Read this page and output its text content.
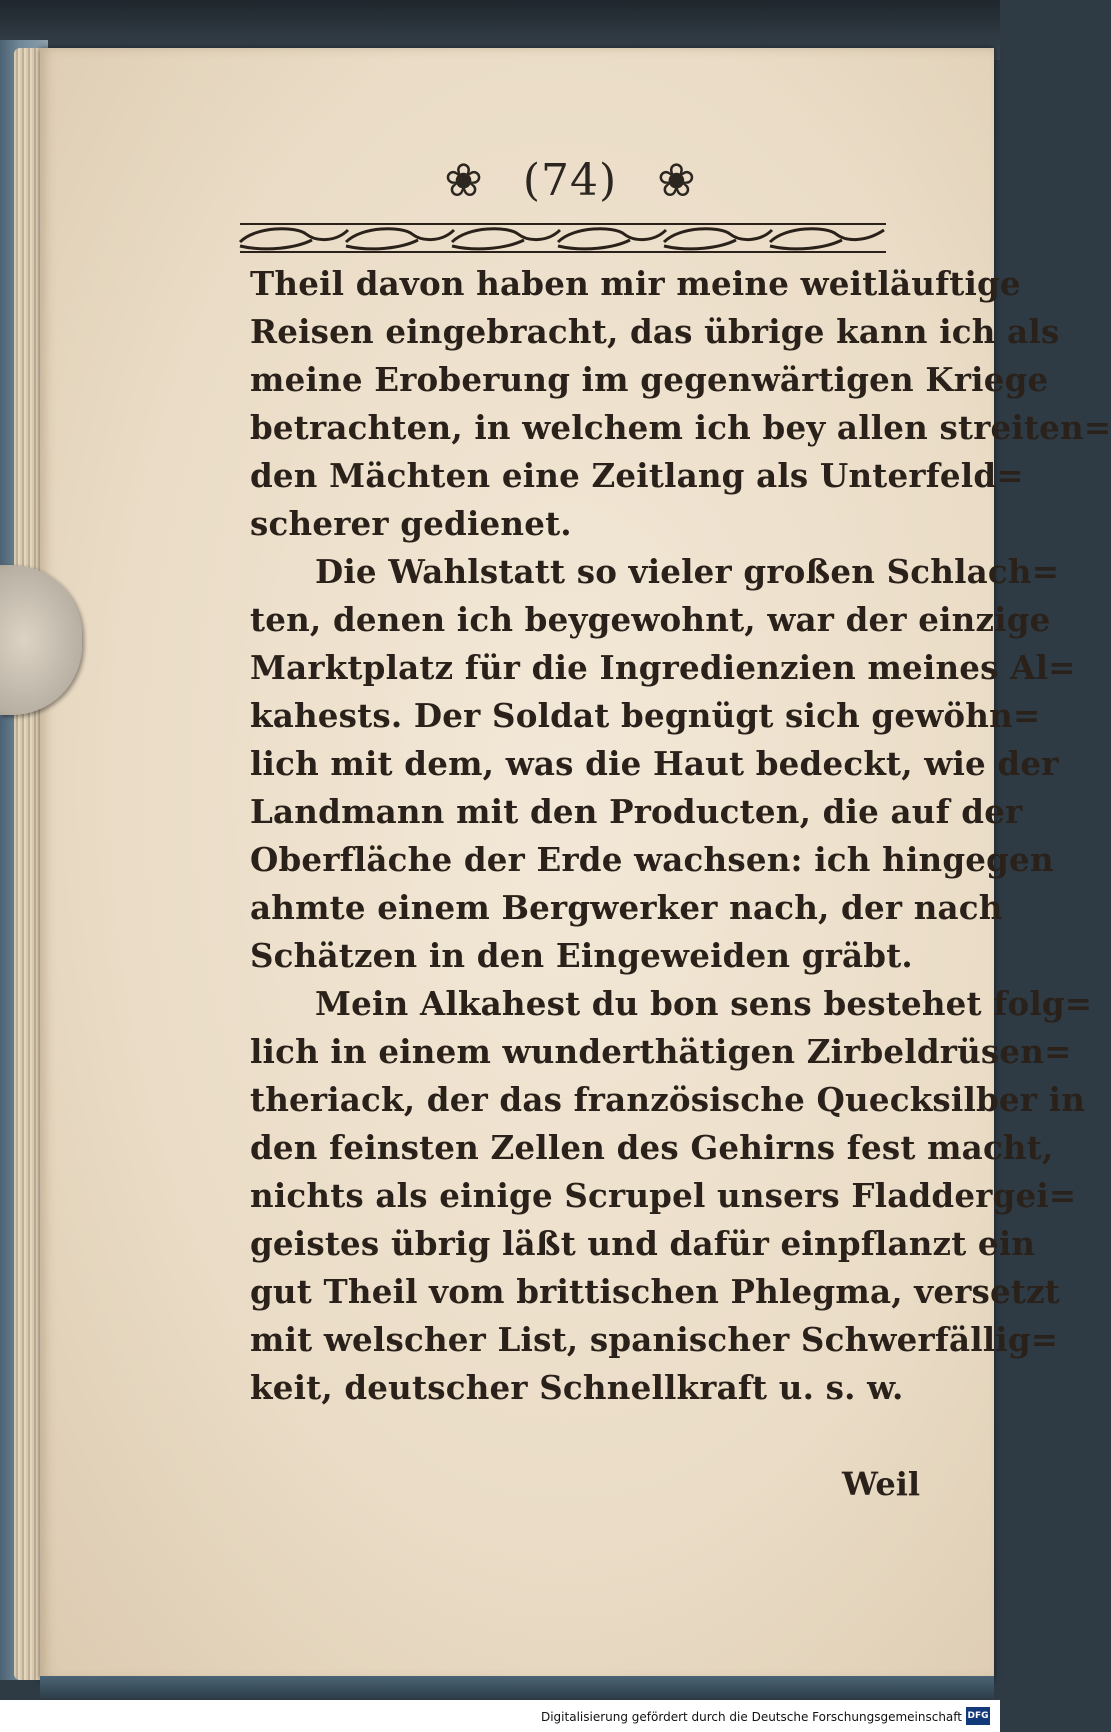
❀ (74) ❀
Theil davon haben mir meine weitläuftige
Reisen eingebracht, das übrige kann ich als
meine Eroberung im gegenwärtigen Kriege
betrachten, in welchem ich bey allen streiten=
den Mächten eine Zeitlang als Unterfeld=
scherer gedienet.
Die Wahlstatt so vieler großen Schlach=
ten, denen ich beygewohnt, war der einzige
Marktplatz für die Ingredienzien meines Al=
kahests. Der Soldat begnügt sich gewöhn=
lich mit dem, was die Haut bedeckt, wie der
Landmann mit den Producten, die auf der
Oberfläche der Erde wachsen: ich hingegen
ahmte einem Bergwerker nach, der nach
Schätzen in den Eingeweiden gräbt.
Mein Alkahest du bon sens bestehet folg=
lich in einem wunderthätigen Zirbeldrüsen=
theriack, der das französische Quecksilber in
den feinsten Zellen des Gehirns fest macht,
nichts als einige Scrupel unsers Fladdergei=
geistes übrig läßt und dafür einpflanzt ein
gut Theil vom brittischen Phlegma, versetzt
mit welscher List, spanischer Schwerfällig=
keit, deutscher Schnellkraft u. s. w.
Weil
Digitalisierung gefördert durch die Deutsche Forschungsgemeinschaft DFG
